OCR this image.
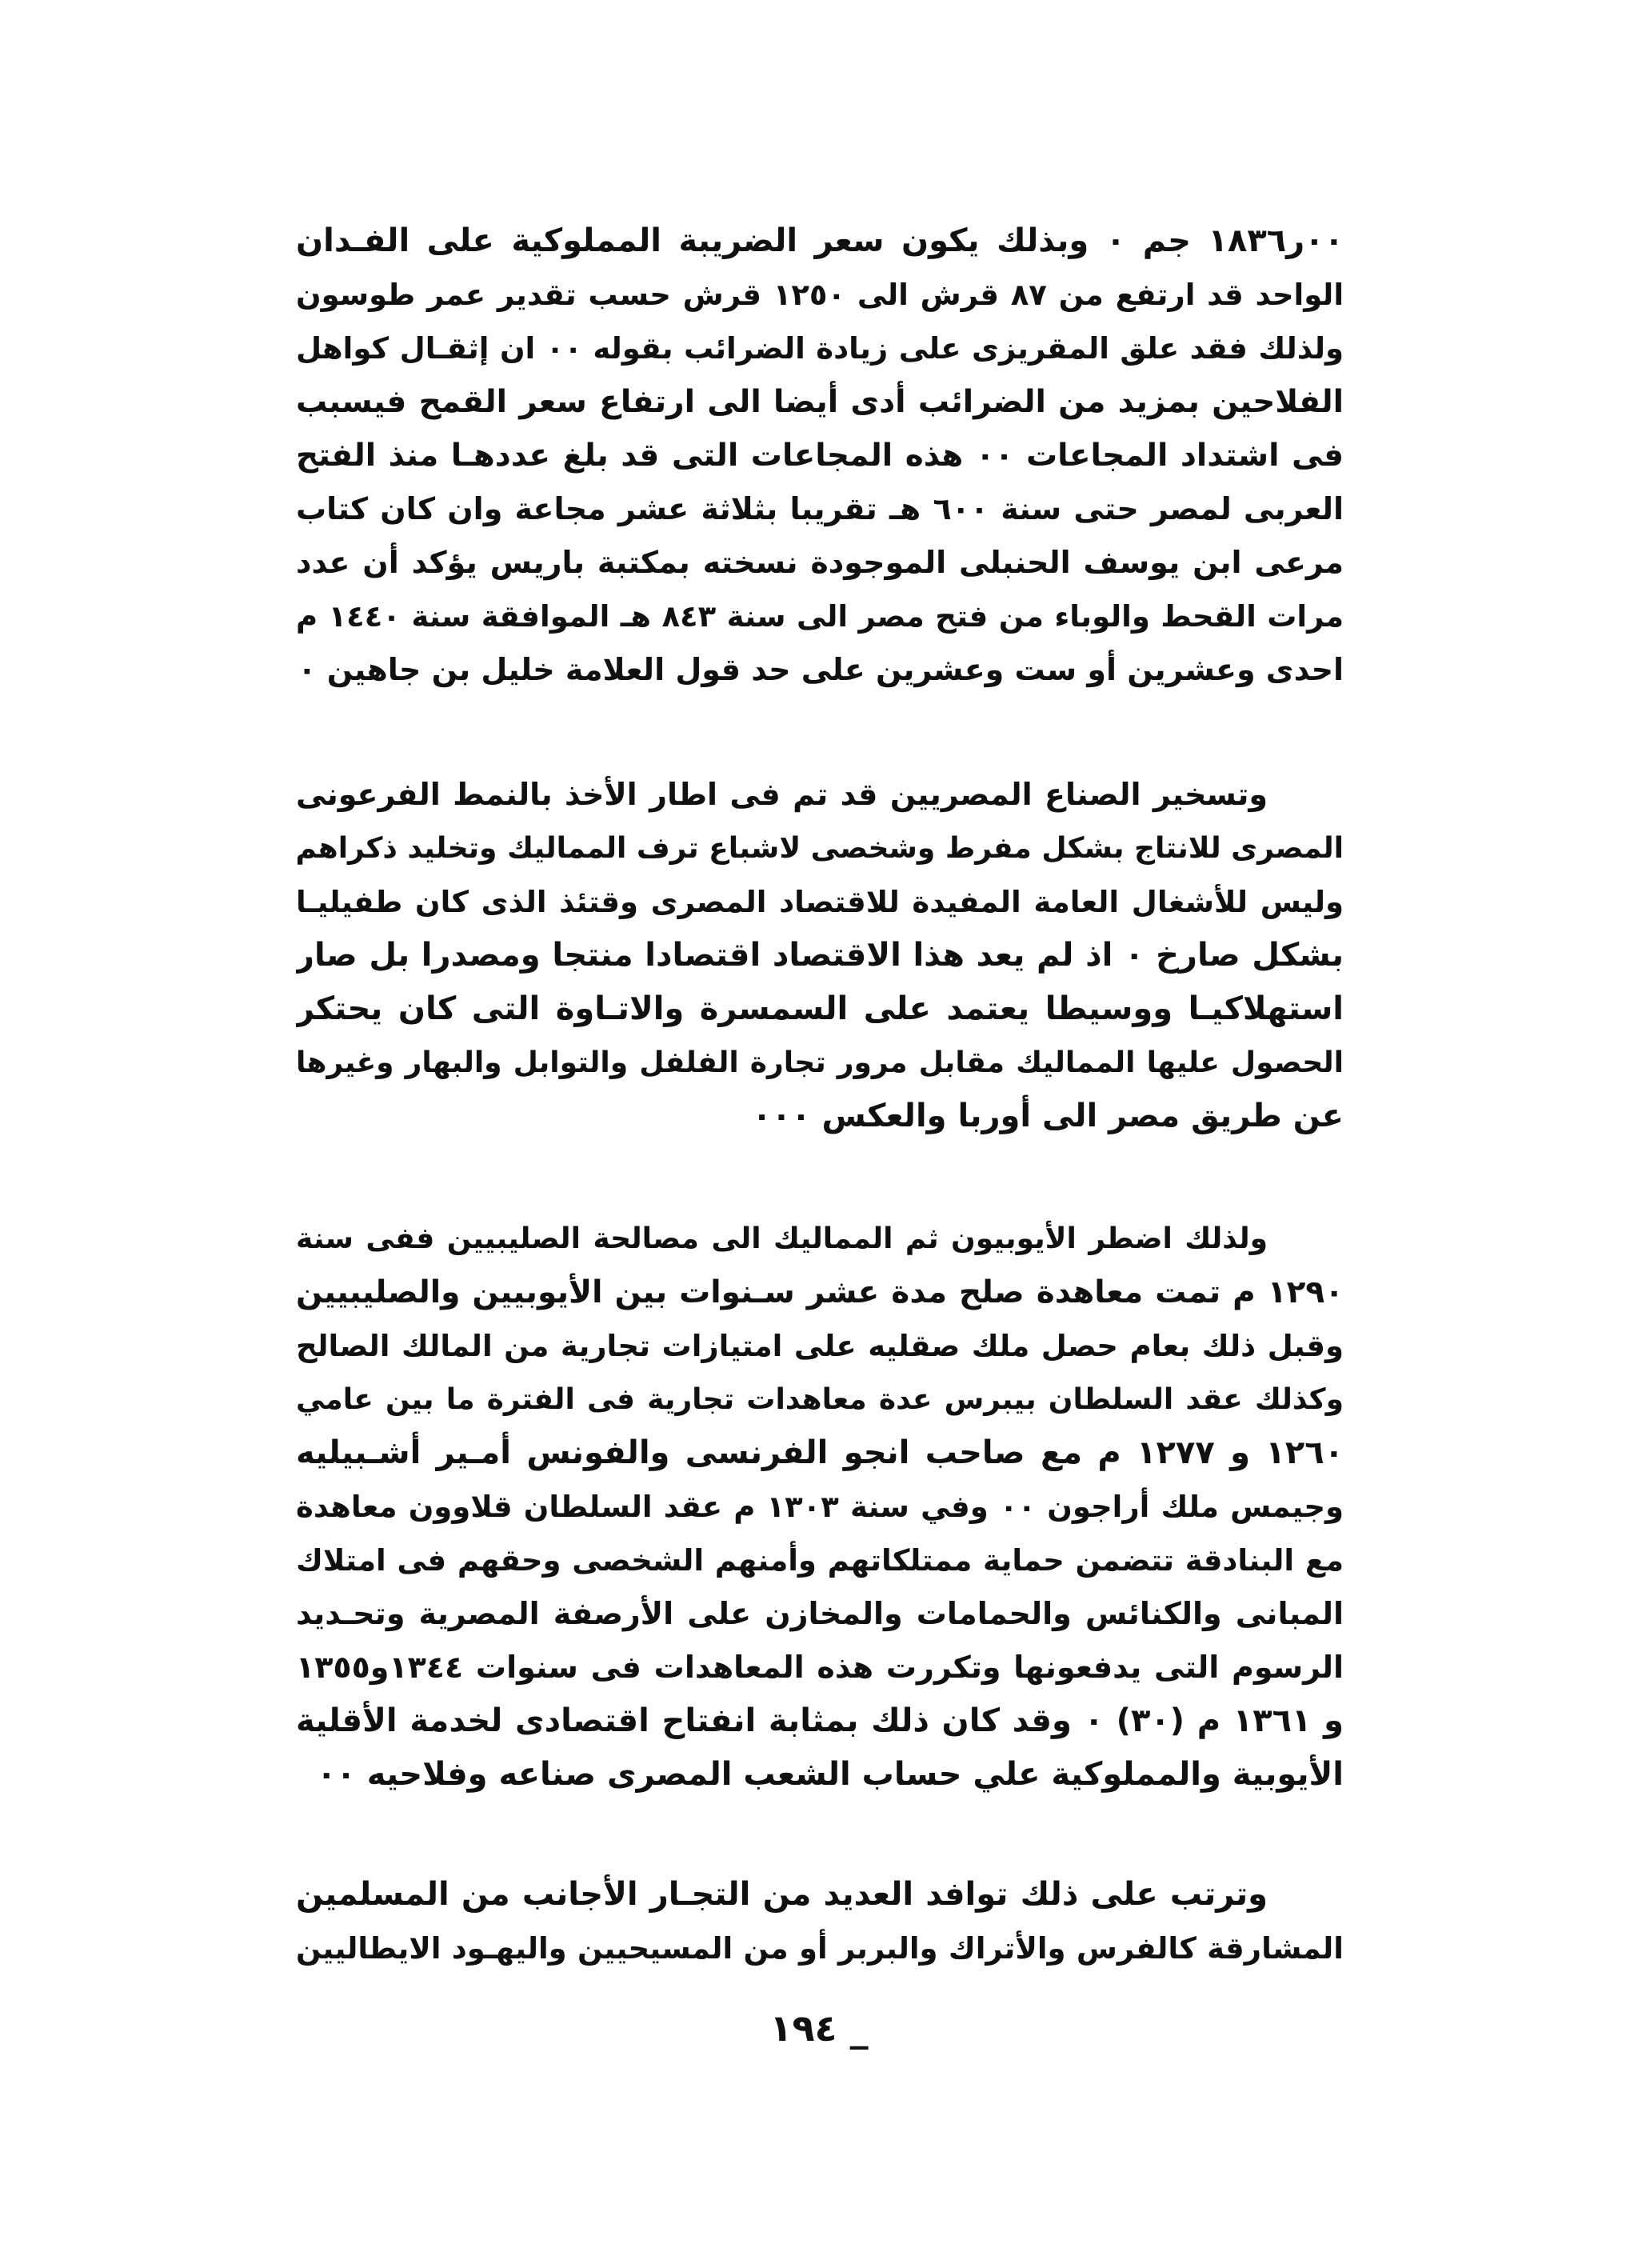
٠٠ر١٨٣٦ جم ٠ وبذلك يكون سعر الضريبة المملوكية على الفـدان
الواحد قد ارتفع من ٨٧ قرش الى ١٢٥٠ قرش حسب تقدير عمر طوسون
ولذلك فقد علق المقريزى على زيادة الضرائب بقوله ٠٠ ان إثقـال كواهل
الفلاحين بمزيد من الضرائب أدى أيضا الى ارتفاع سعر القمح فيسبب
فى اشتداد المجاعات ٠٠ هذه المجاعات التى قد بلغ عددهـا منذ الفتح
العربى لمصر حتى سنة ٦٠٠ هـ تقريبا بثلاثة عشر مجاعة وان كان كتاب
مرعى ابن يوسف الحنبلى الموجودة نسخته بمكتبة باريس يؤكد أن عدد
مرات القحط والوباء من فتح مصر الى سنة ٨٤٣ هـ الموافقة سنة ١٤٤٠ م
احدى وعشرين أو ست وعشرين على حد قول العلامة خليل بن جاهين ٠
وتسخير الصناع المصريين قد تم فى اطار الأخذ بالنمط الفرعونى
المصرى للانتاج بشكل مفرط وشخصى لاشباع ترف المماليك وتخليد ذكراهم
وليس للأشغال العامة المفيدة للاقتصاد المصرى وقتئذ الذى كان طفيليـا
بشكل صارخ ٠ اذ لم يعد هذا الاقتصاد اقتصادا منتجا ومصدرا بل صار
استهلاكيـا ووسيطا يعتمد على السمسرة والاتـاوة التى كان يحتكر
الحصول عليها المماليك مقابل مرور تجارة الفلفل والتوابل والبهار وغيرها
عن طريق مصر الى أوربا والعكس ٠٠٠
ولذلك اضطر الأيوبيون ثم المماليك الى مصالحة الصليبيين ففى سنة
١٢٩٠ م تمت معاهدة صلح مدة عشر سـنوات بين الأيوبيين والصليبيين
وقبل ذلك بعام حصل ملك صقليه على امتيازات تجارية من المالك الصالح
وكذلك عقد السلطان بيبرس عدة معاهدات تجارية فى الفترة ما بين عامي
١٢٦٠ و ١٢٧٧ م مع صاحب انجو الفرنسى والفونس أمـير أشـبيليه
وجيمس ملك أراجون ٠٠ وفي سنة ١٣٠٣ م عقد السلطان قلاوون معاهدة
مع البنادقة تتضمن حماية ممتلكاتهم وأمنهم الشخصى وحقهم فى امتلاك
المبانى والكنائس والحمامات والمخازن على الأرصفة المصرية وتحـديد
الرسوم التى يدفعونها وتكررت هذه المعاهدات فى سنوات ١٣٤٤و١٣٥٥
و ١٣٦١ م (٣٠) ٠ وقد كان ذلك بمثابة انفتاح اقتصادى لخدمة الأقلية
الأيوبية والمملوكية علي حساب الشعب المصرى صناعه وفلاحيه ٠٠
وترتب على ذلك توافد العديد من التجـار الأجانب من المسلمين
المشارقة كالفرس والأتراك والبربر أو من المسيحيين واليهـود الايطاليين
_ ١٩٤
